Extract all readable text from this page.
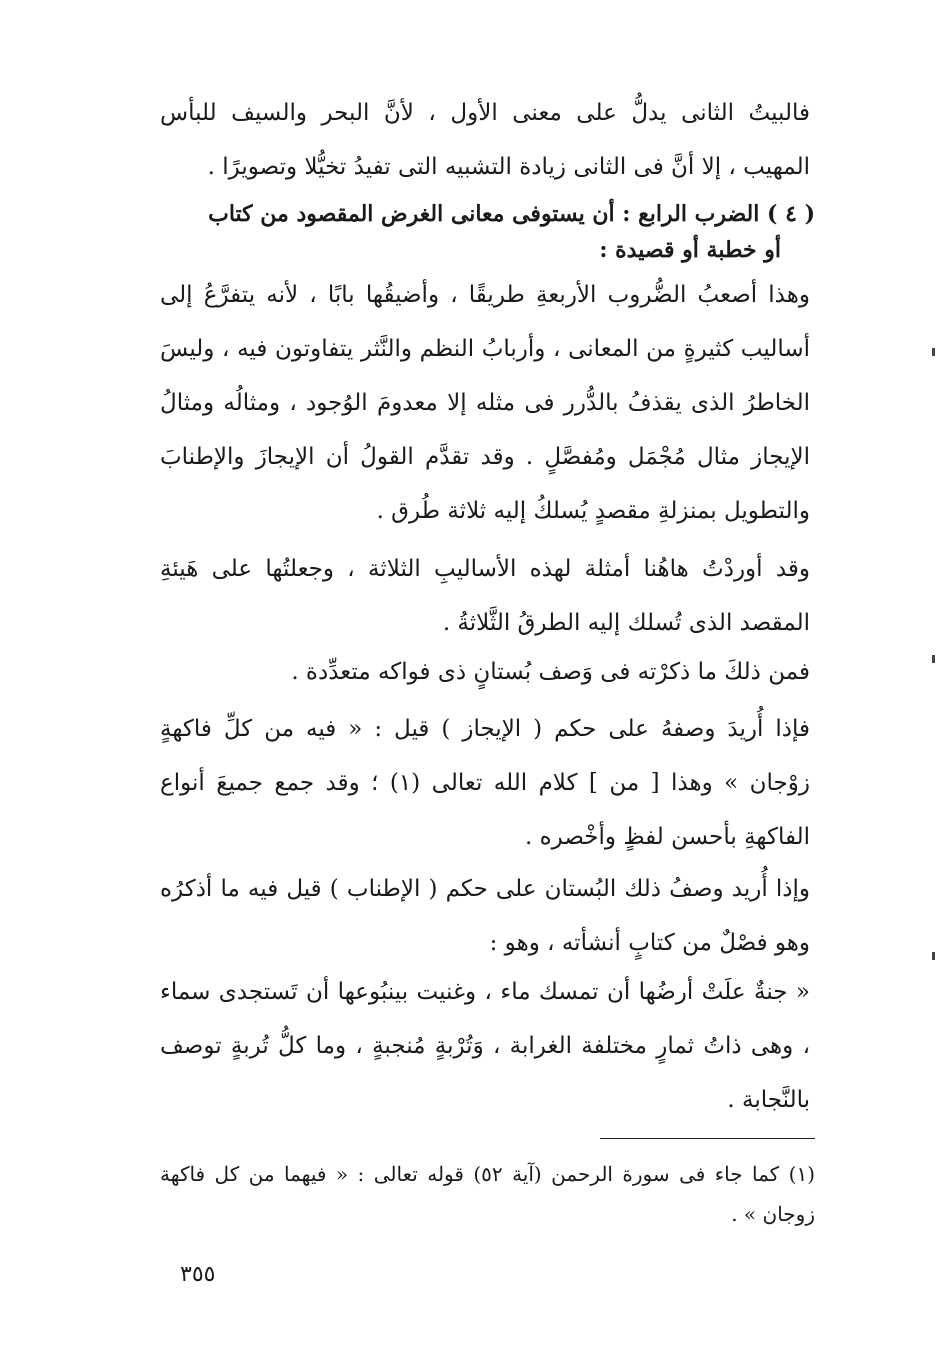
فالبيتُ الثانى يدلُّ على معنى الأول ، لأنَّ البحر والسيف للبأس المهيب ، إلا أنَّ فى الثانى زيادة التشبيه التى تفيدُ تخيُّلا وتصويرًا .

( ٤ ) الضرب الرابع : أن يستوفى معانى الغرض المقصود من كتاب
أو خطبة أو قصيدة :

وهذا أصعبُ الضُّروب الأربعةِ طريقًا ، وأضيقُها بابًا ، لأنه يتفرَّعُ إلى أساليب كثيرةٍ من المعانى ، وأربابُ النظم والنَّثر يتفاوتون فيه ، وليسَ الخاطرُ الذى يقذفُ بالدُّرر فى مثله إلا معدومَ الوُجود ، ومثالُه ومثالُ الإيجاز مثال مُجْمَل ومُفصَّلٍ . وقد تقدَّم القولُ أن الإيجازَ والإطنابَ والتطويل بمنزلةِ مقصدٍ يُسلكُ إليه ثلاثة طُرق .

وقد أوردْتُ هاهُنا أمثلة لهذه الأساليبِ الثلاثة ، وجعلتُها على هَيئةِ المقصد الذى تُسلك إليه الطرقُ الثَّلاثةُ .

فمن ذلكَ ما ذكرْته فى وَصف بُستانٍ ذى فواكه متعدِّدة .

فإذا أُريدَ وصفهُ على حكم ( الإيجاز ) قيل : « فيه من كلِّ فاكهةٍ زوْجان » وهذا [ من ] كلام الله تعالى (١) ؛ وقد جمع جميعَ أنواع الفاكهةِ بأحسن لفظٍ وأخْصره .

وإذا أُريد وصفُ ذلك البُستان على حكم ( الإطناب ) قيل فيه ما أذكرُه وهو فصْلٌ من كتابٍ أنشأته ، وهو :

« جنةٌ علَتْ أرضُها أن تمسك ماء ، وغنيت بينبُوعها أن تَستجدى سماء ، وهى ذاتُ ثمارٍ مختلفة الغرابة ، وَتُرْبةٍ مُنجبةٍ ، وما كلُّ تُربةٍ توصف بالنَّجابة .

(١) كما جاء فى سورة الرحمن (آية ٥٢) قوله تعالى : « فيهما من كل فاكهة زوجان » .

٣٥٥
